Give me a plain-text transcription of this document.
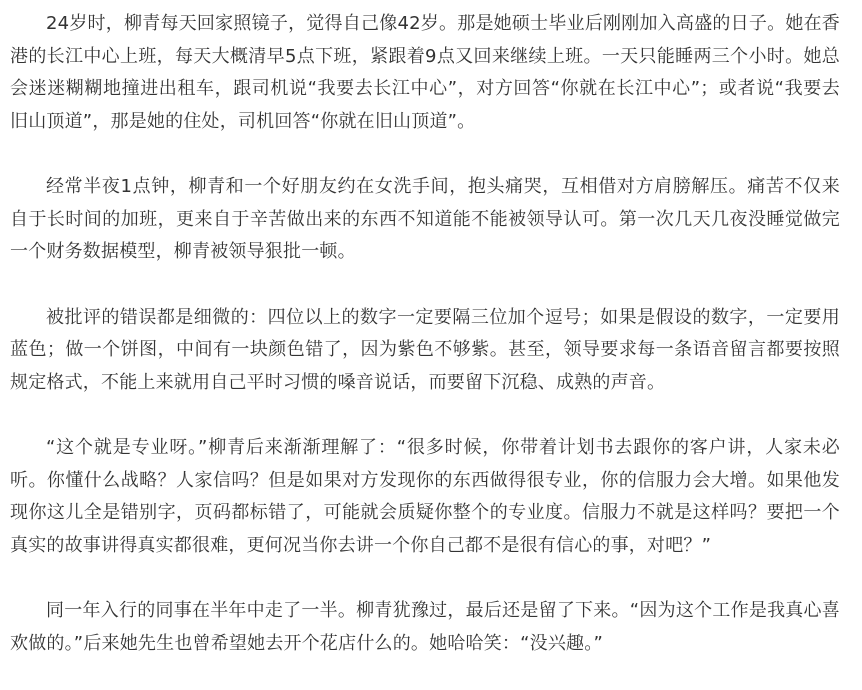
24岁时，柳青每天回家照镜子，觉得自己像42岁。那是她硕士毕业后刚刚加入高盛的日子。她在香港的长江中心上班，每天大概清早5点下班，紧跟着9点又回来继续上班。一天只能睡两三个小时。她总会迷迷糊糊地撞进出租车，跟司机说“我要去长江中心”，对方回答“你就在长江中心”；或者说“我要去旧山顶道”，那是她的住处，司机回答“你就在旧山顶道”。

经常半夜1点钟，柳青和一个好朋友约在女洗手间，抱头痛哭，互相借对方肩膀解压。痛苦不仅来自于长时间的加班，更来自于辛苦做出来的东西不知道能不能被领导认可。第一次几天几夜没睡觉做完一个财务数据模型，柳青被领导狠批一顿。

被批评的错误都是细微的：四位以上的数字一定要隔三位加个逗号；如果是假设的数字，一定要用蓝色；做一个饼图，中间有一块颜色错了，因为紫色不够紫。甚至，领导要求每一条语音留言都要按照规定格式，不能上来就用自己平时习惯的嗓音说话，而要留下沉稳、成熟的声音。

“这个就是专业呀。”柳青后来渐渐理解了：“很多时候，你带着计划书去跟你的客户讲，人家未必听。你懂什么战略？人家信吗？但是如果对方发现你的东西做得很专业，你的信服力会大增。如果他发现你这儿全是错别字，页码都标错了，可能就会质疑你整个的专业度。信服力不就是这样吗？要把一个真实的故事讲得真实都很难，更何况当你去讲一个你自己都不是很有信心的事，对吧？”

同一年入行的同事在半年中走了一半。柳青犹豫过，最后还是留了下来。“因为这个工作是我真心喜欢做的。”后来她先生也曾希望她去开个花店什么的。她哈哈笑：“没兴趣。”
